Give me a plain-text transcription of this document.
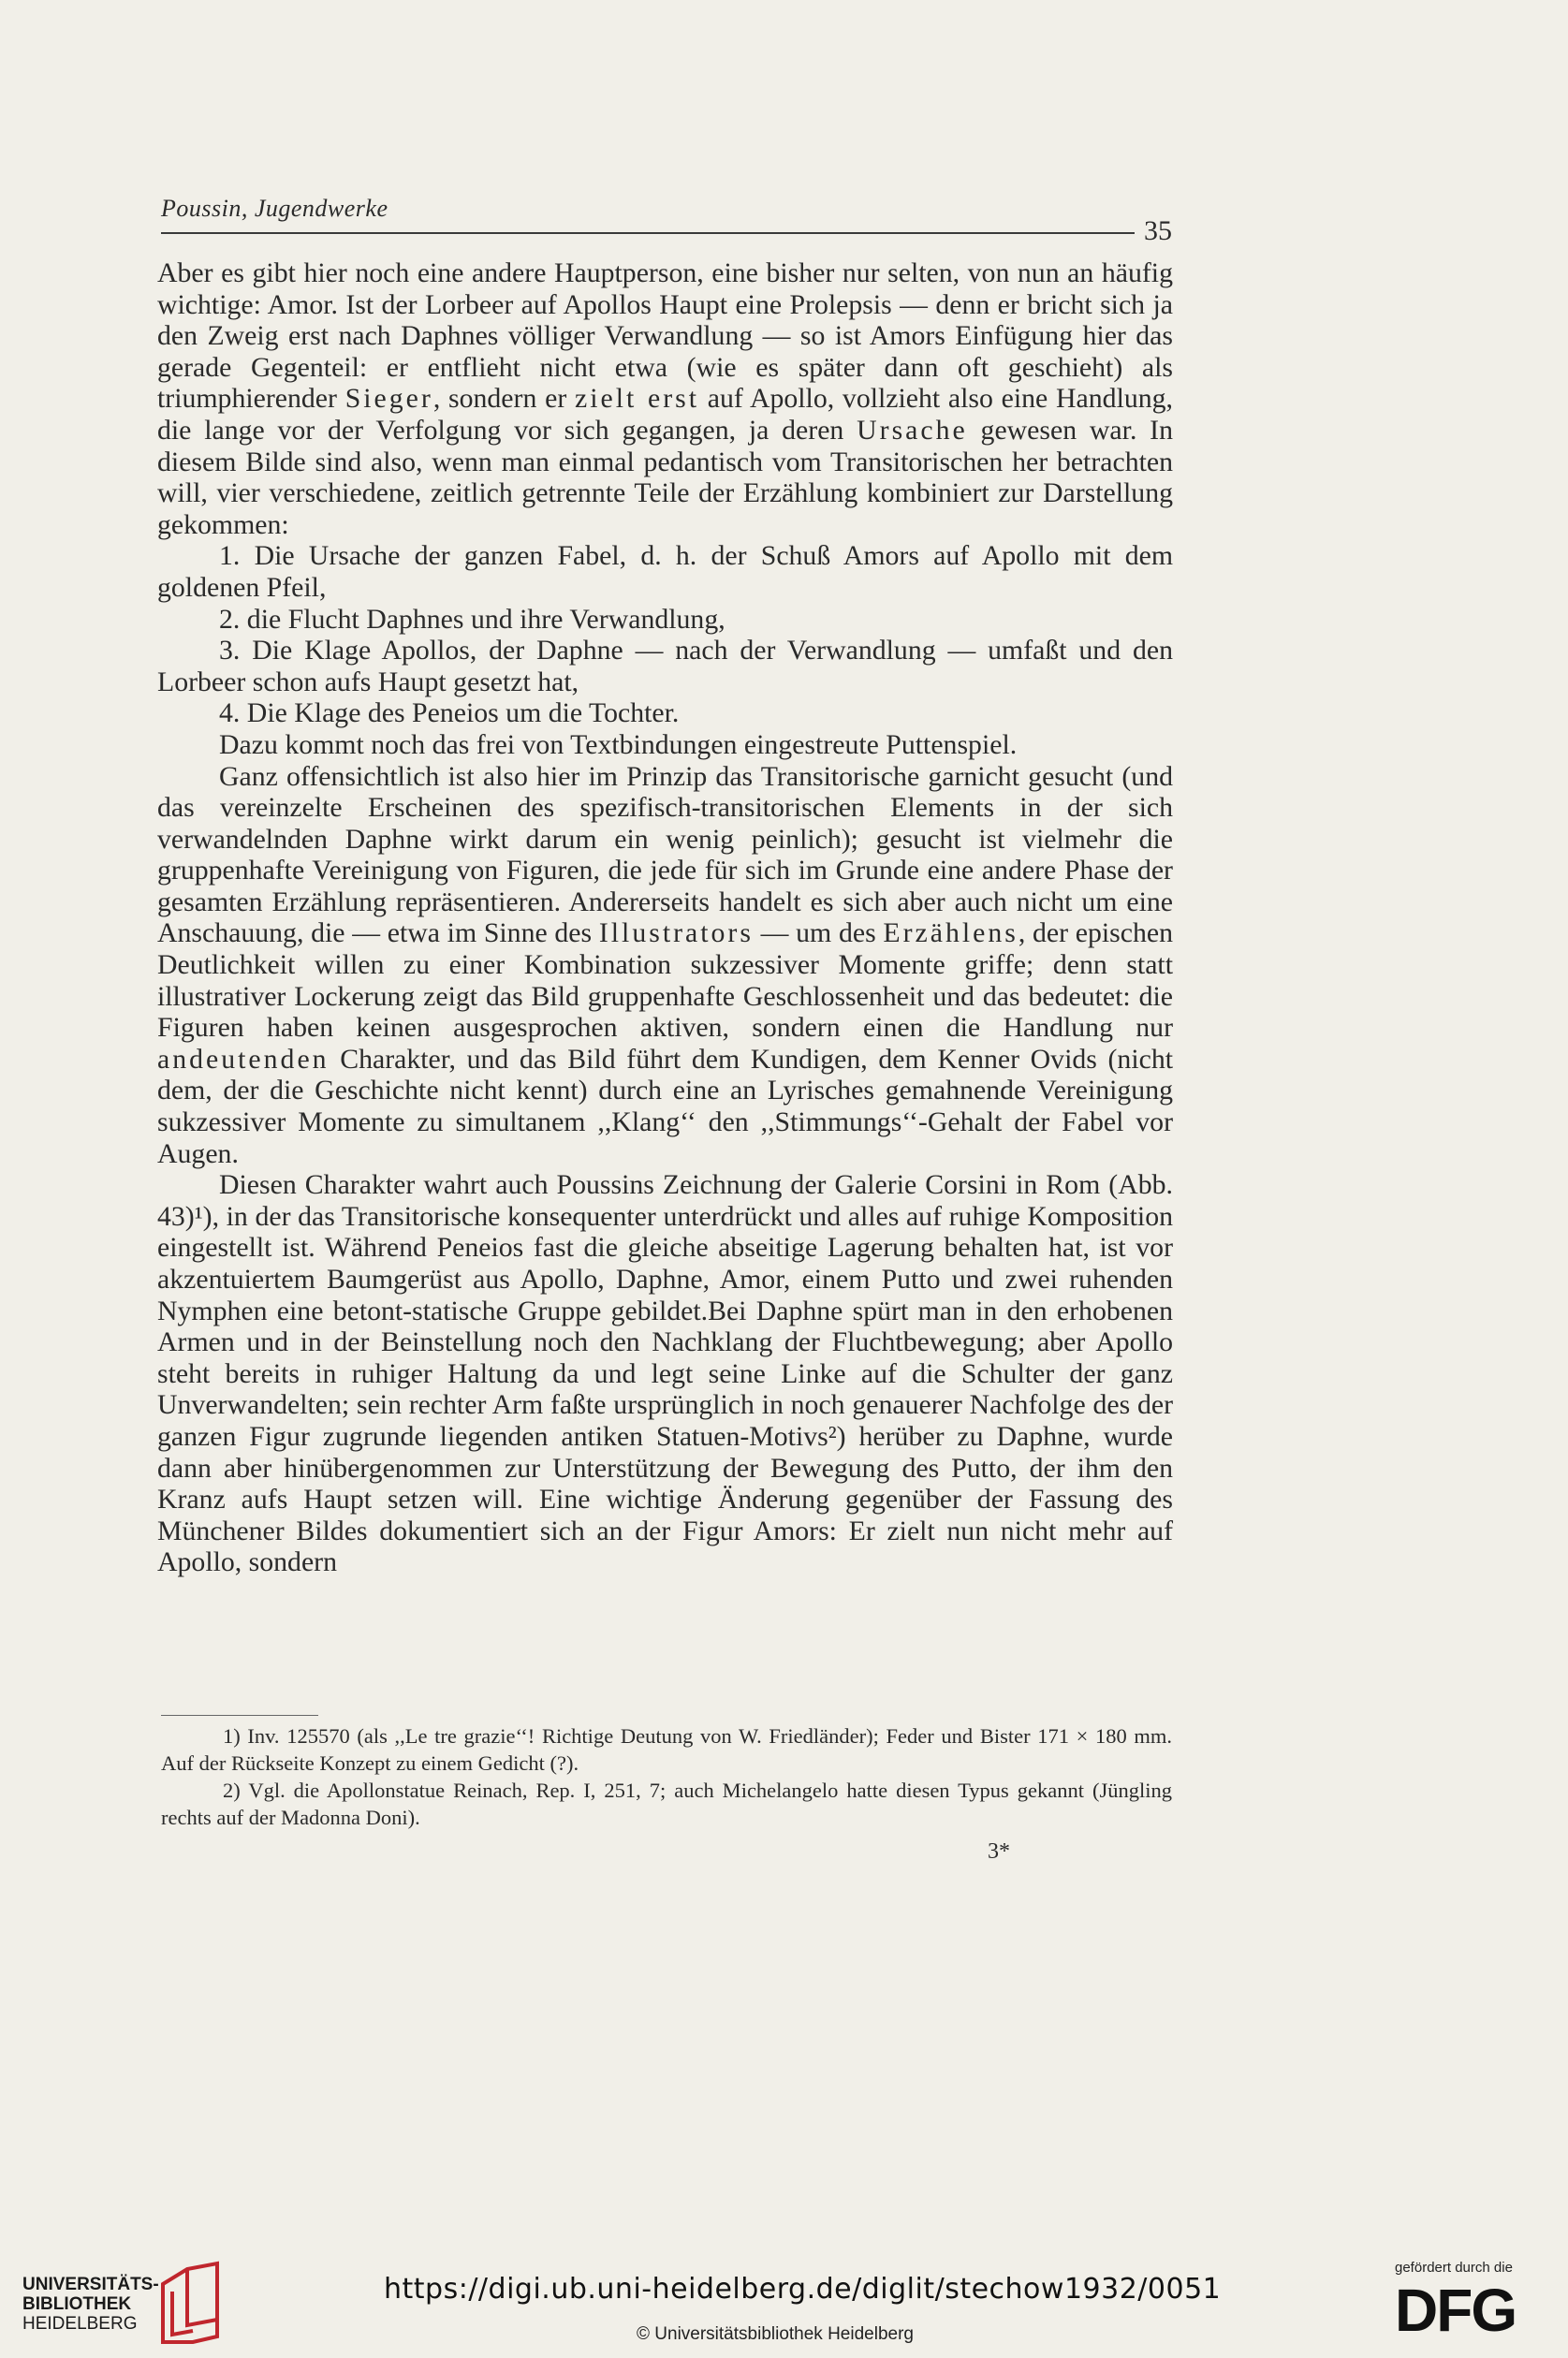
Poussin, Jugendwerke
35

Aber es gibt hier noch eine andere Hauptperson, eine bisher nur selten, von nun an häufig wichtige: Amor. Ist der Lorbeer auf Apollos Haupt eine Prolepsis — denn er bricht sich ja den Zweig erst nach Daphnes völliger Verwandlung — so ist Amors Einfügung hier das gerade Gegenteil: er entflieht nicht etwa (wie es später dann oft geschieht) als triumphierender Sieger, sondern er zielt erst auf Apollo, vollzieht also eine Handlung, die lange vor der Verfolgung vor sich gegangen, ja deren Ursache gewesen war. In diesem Bilde sind also, wenn man einmal pedantisch vom Transitorischen her betrachten will, vier verschiedene, zeitlich getrennte Teile der Erzählung kombiniert zur Darstellung gekommen:

1. Die Ursache der ganzen Fabel, d. h. der Schuß Amors auf Apollo mit dem goldenen Pfeil,

2. die Flucht Daphnes und ihre Verwandlung,

3. Die Klage Apollos, der Daphne — nach der Verwandlung — umfaßt und den Lorbeer schon aufs Haupt gesetzt hat,

4. Die Klage des Peneios um die Tochter.

Dazu kommt noch das frei von Textbindungen eingestreute Puttenspiel.

Ganz offensichtlich ist also hier im Prinzip das Transitorische garnicht gesucht (und das vereinzelte Erscheinen des spezifisch-transitorischen Elements in der sich verwandelnden Daphne wirkt darum ein wenig peinlich); gesucht ist vielmehr die gruppenhafte Vereinigung von Figuren, die jede für sich im Grunde eine andere Phase der gesamten Erzählung repräsentieren. Andererseits handelt es sich aber auch nicht um eine Anschauung, die — etwa im Sinne des Illustrators — um des Erzählens, der epischen Deutlichkeit willen zu einer Kombination sukzessiver Momente griffe; denn statt illustrativer Lockerung zeigt das Bild gruppenhafte Geschlossenheit und das bedeutet: die Figuren haben keinen ausgesprochen aktiven, sondern einen die Handlung nur andeutenden Charakter, und das Bild führt dem Kundigen, dem Kenner Ovids (nicht dem, der die Geschichte nicht kennt) durch eine an Lyrisches gemahnende Vereinigung sukzessiver Momente zu simultanem ,,Klang‘‘ den ,,Stimmungs‘‘-Gehalt der Fabel vor Augen.

Diesen Charakter wahrt auch Poussins Zeichnung der Galerie Corsini in Rom (Abb. 43)¹), in der das Transitorische konsequenter unterdrückt und alles auf ruhige Komposition eingestellt ist. Während Peneios fast die gleiche abseitige Lagerung behalten hat, ist vor akzentuiertem Baumgerüst aus Apollo, Daphne, Amor, einem Putto und zwei ruhenden Nymphen eine betont-statische Gruppe gebildet.Bei Daphne spürt man in den erhobenen Armen und in der Beinstellung noch den Nachklang der Fluchtbewegung; aber Apollo steht bereits in ruhiger Haltung da und legt seine Linke auf die Schulter der ganz Unverwandelten; sein rechter Arm faßte ursprünglich in noch genauerer Nachfolge des der ganzen Figur zugrunde liegenden antiken Statuen-Motivs²) herüber zu Daphne, wurde dann aber hinübergenommen zur Unterstützung der Bewegung des Putto, der ihm den Kranz aufs Haupt setzen will. Eine wichtige Änderung gegenüber der Fassung des Münchener Bildes dokumentiert sich an der Figur Amors: Er zielt nun nicht mehr auf Apollo, sondern

1) Inv. 125570 (als ,,Le tre grazie‘‘! Richtige Deutung von W. Friedländer); Feder und Bister 171 × 180 mm. Auf der Rückseite Konzept zu einem Gedicht (?).

2) Vgl. die Apollonstatue Reinach, Rep. I, 251, 7; auch Michelangelo hatte diesen Typus gekannt (Jüngling rechts auf der Madonna Doni).

3*
UNIVERSITÄTS-
BIBLIOTHEK
HEIDELBERG
https://digi.ub.uni-heidelberg.de/diglit/stechow1932/0051
© Universitätsbibliothek Heidelberg
gefördert durch die
DFG
